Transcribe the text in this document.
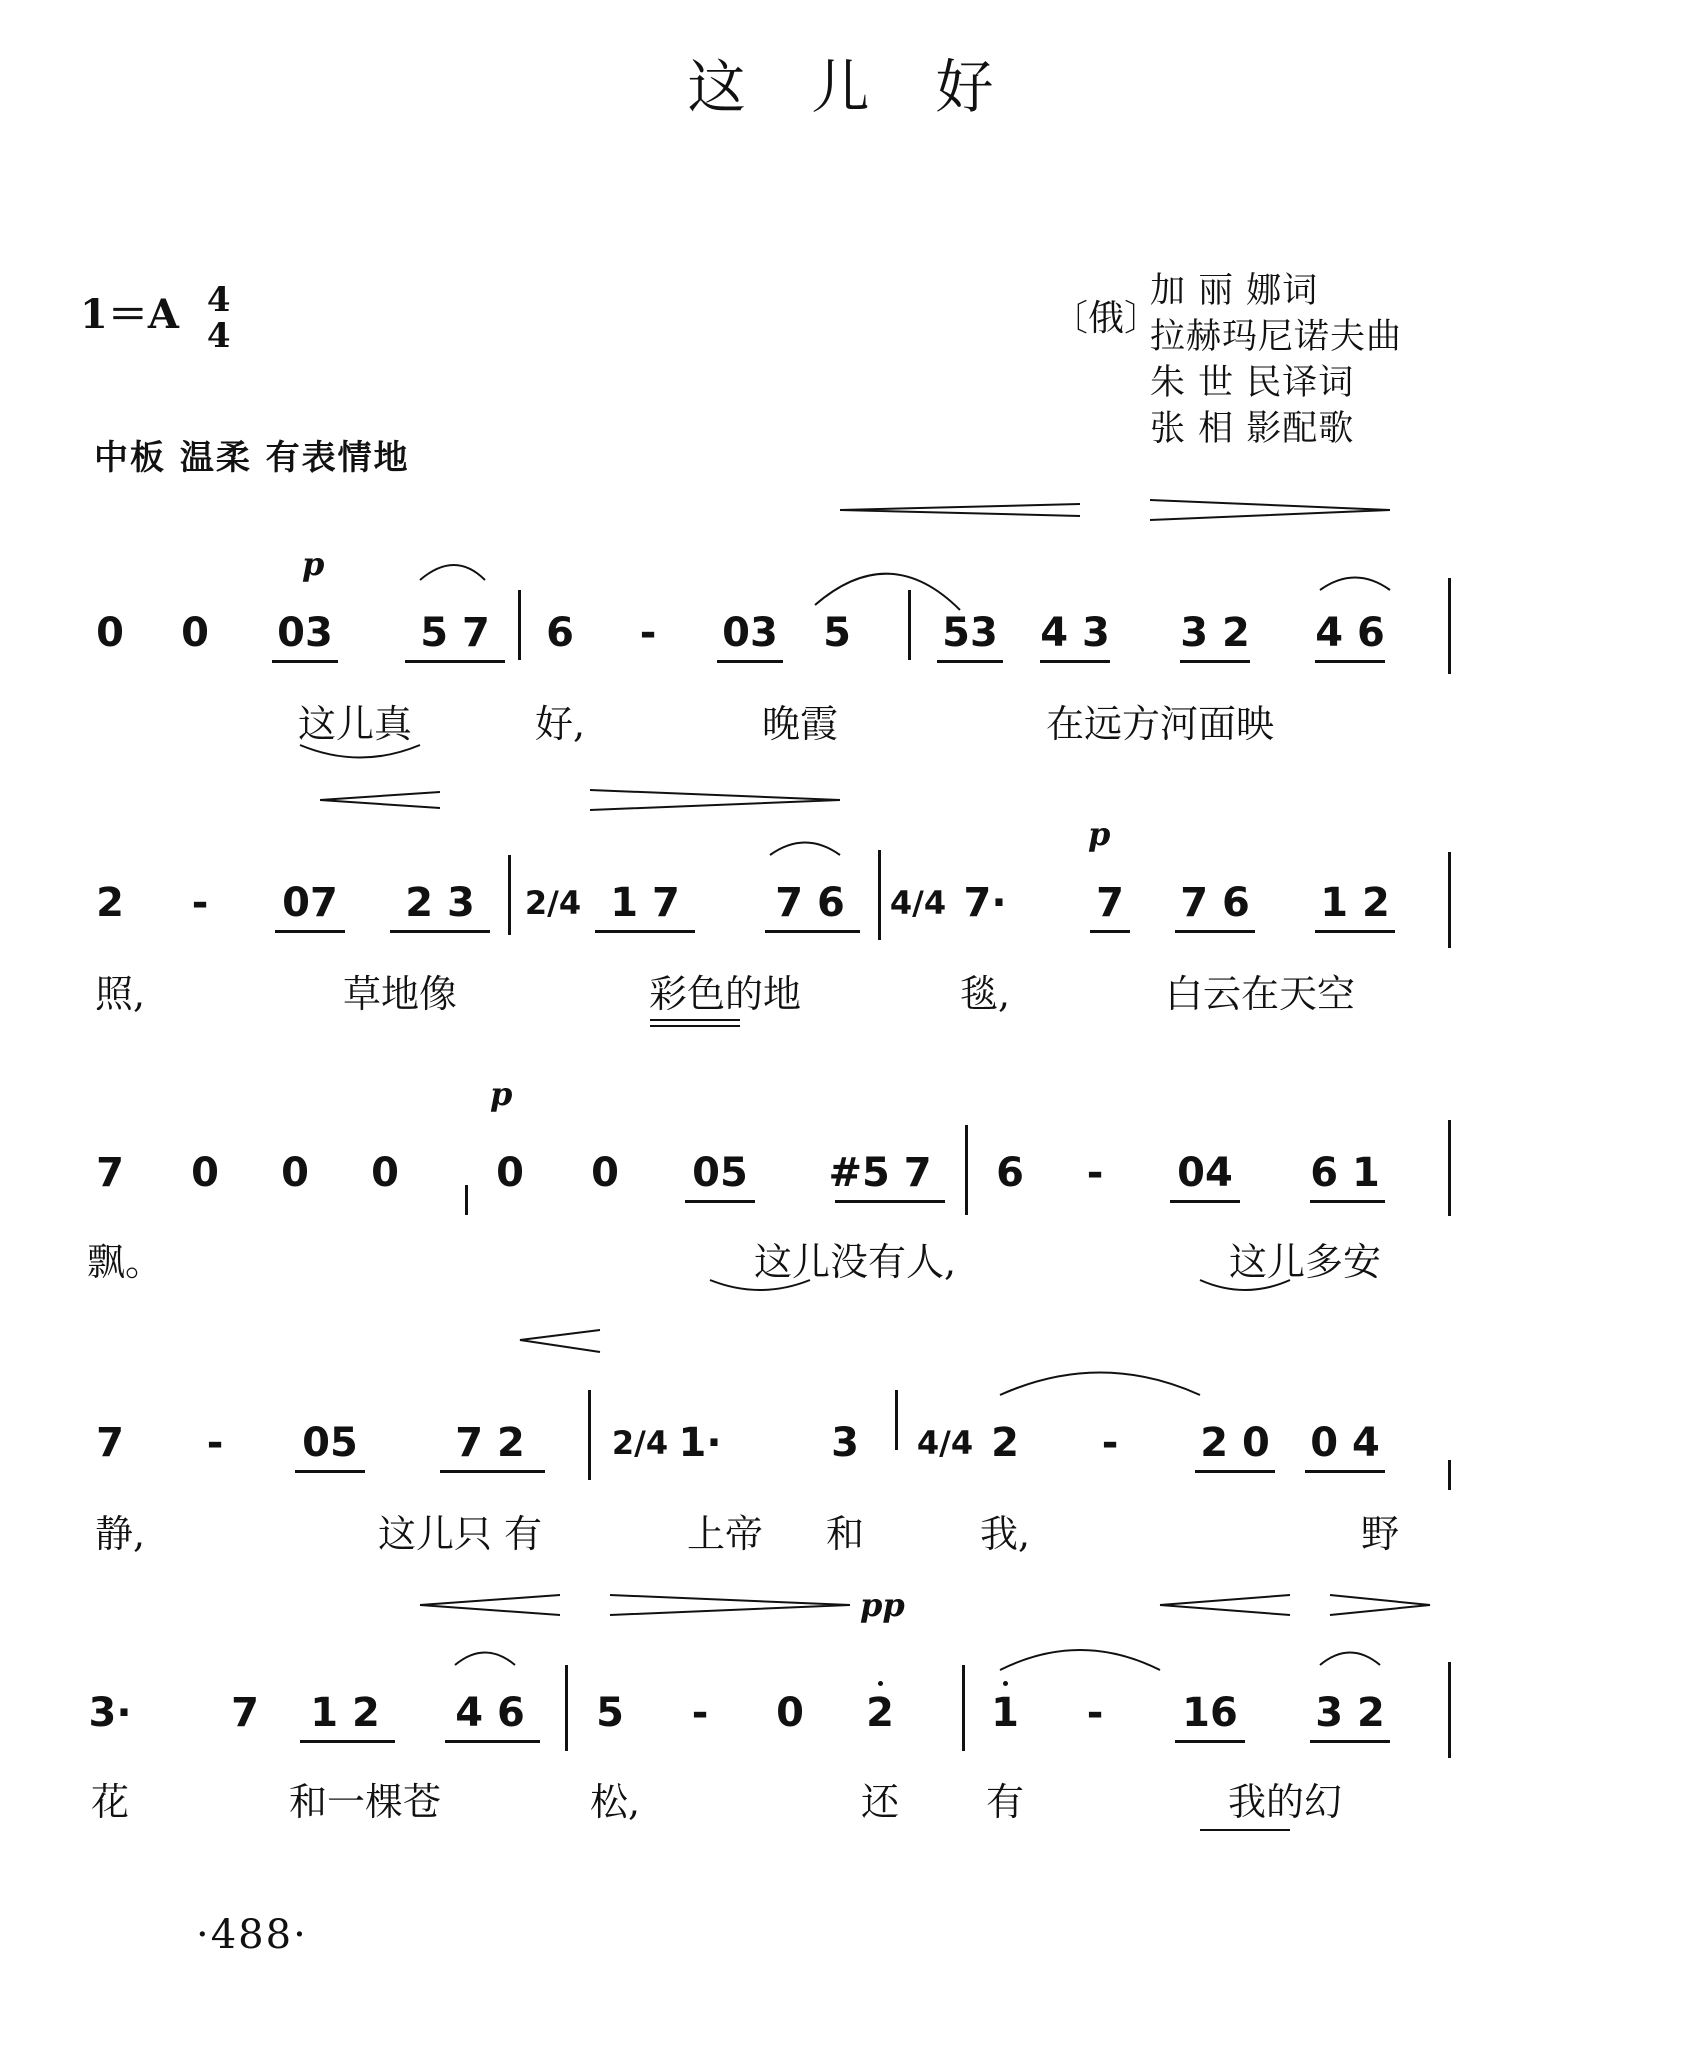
这儿好
1＝A 4
4
中板 温柔 有表情地
〔俄〕
加 丽 娜词
拉赫玛尼诺夫曲
朱 世 民译词
张 相 影配歌
p
p
p
pp
0 0 03 5 7 6 - 03 5 53 4 3 3 2 4 6
这儿真	好,	晚霞	在远方河面映
2 - 07 2 3 2/4 1 7 7 6 4/4 7· 7 7 6 1 2
照,	草地像	彩色的地	毯,	白云在天空
7 0 0 0 0 0 05 #5 7 6 - 04 6 1
飘。	这儿没有人,	这儿多安
7 - 05 7 2	2/4 1·	3 4/4 2 - 2 0 0 4
静,	这儿只 有	上帝 和	我,	野
3· 7 1 2 4 6 5 - 0 2 1 - 16 3 2
花	和一棵苍	松,	还 有	我的幻
·488·
